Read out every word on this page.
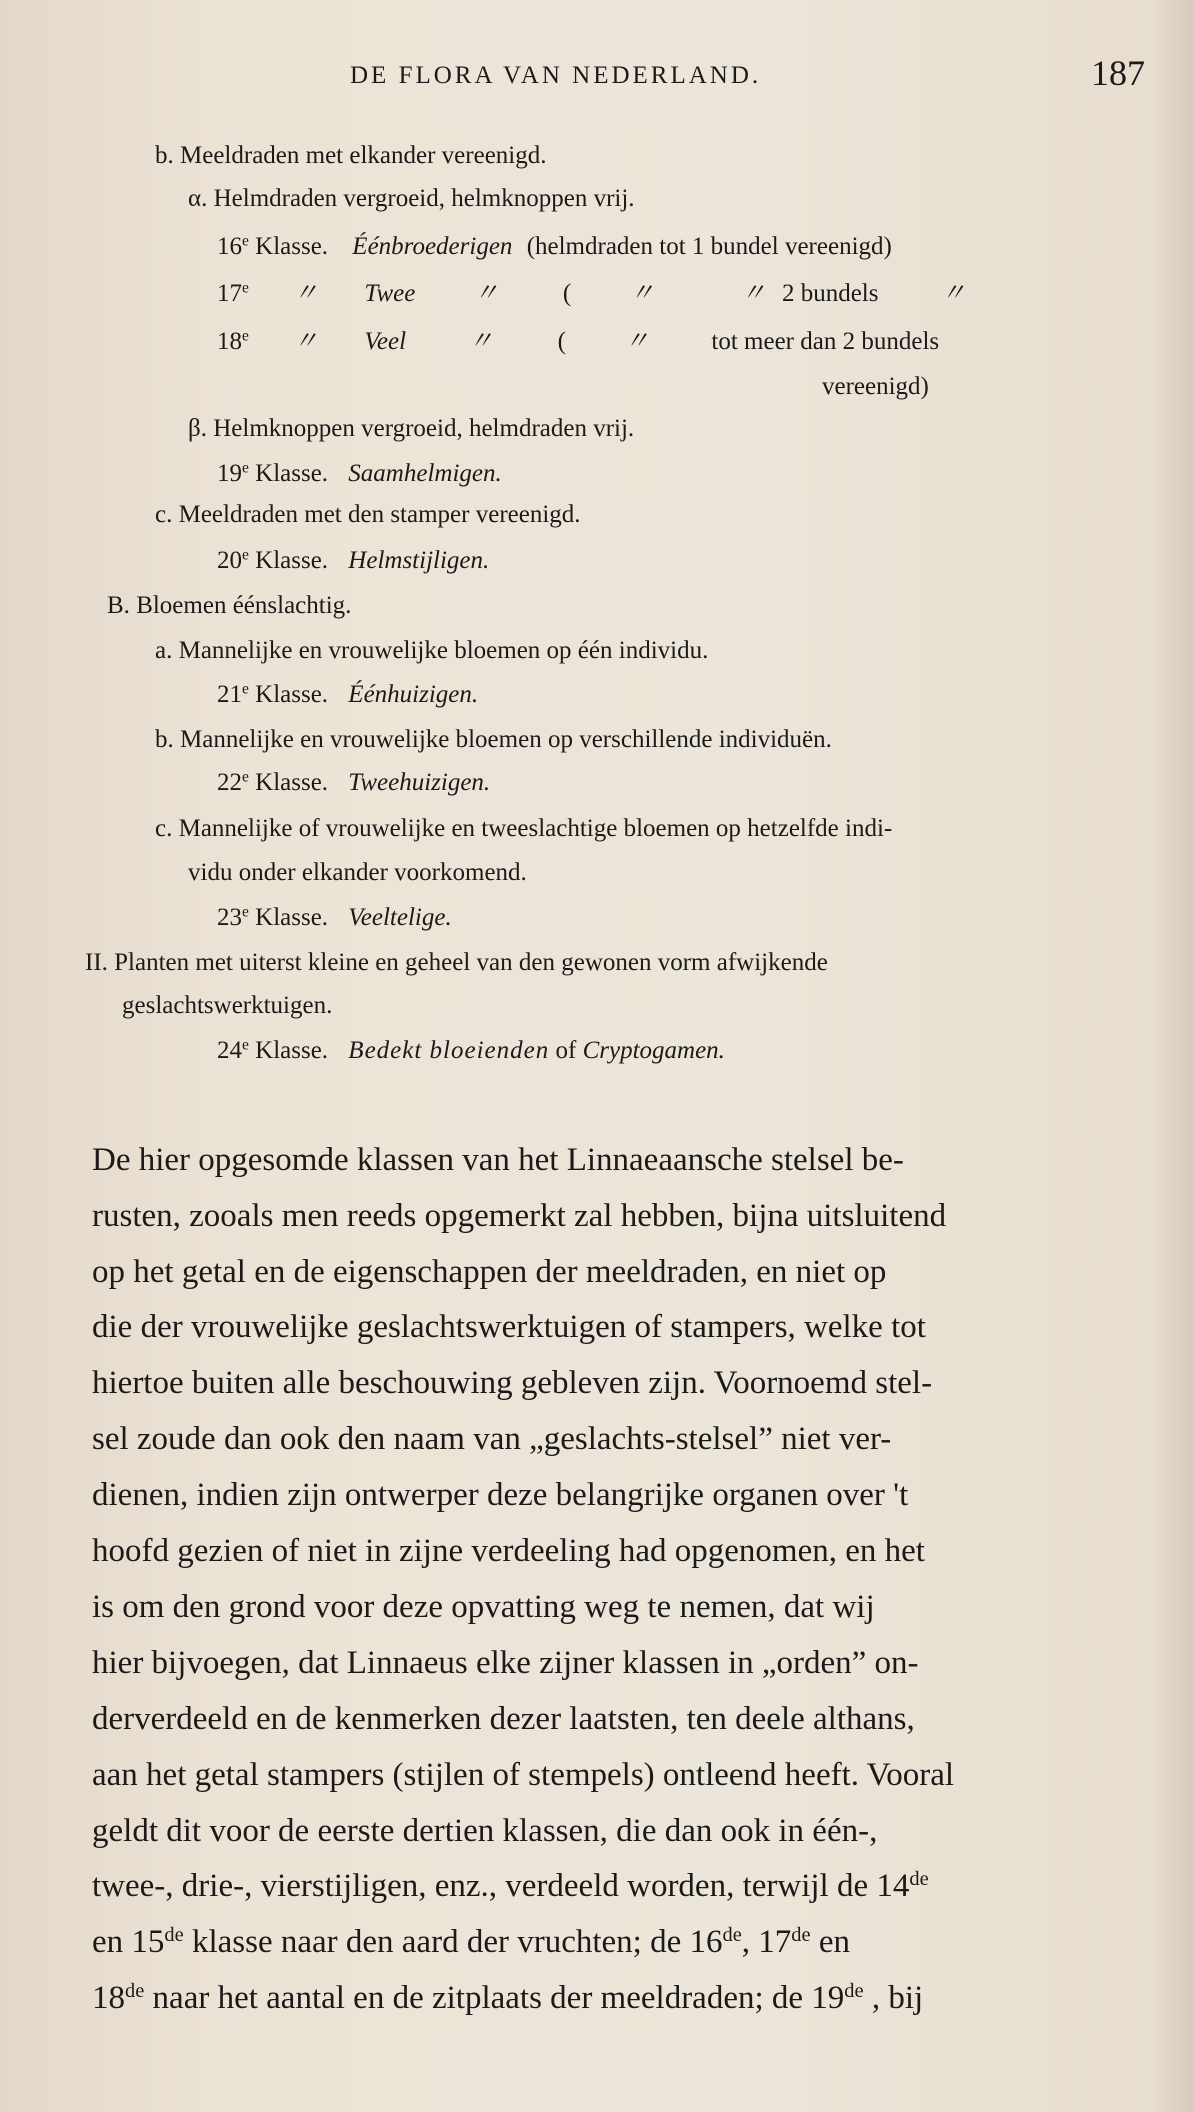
DE FLORA VAN NEDERLAND.	187
b. Meeldraden met elkander vereenigd.
α. Helmdraden vergroeid, helmknoppen vrij.
16e Klasse. Éénbroederigen (helmdraden tot 1 bundel vereenigd)
17e 〃 Twee 〃	( 〃	〃 2 bundels 〃
18e 〃 Veel 〃	( 〃 tot meer dan 2 bundels
vereenigd)
β. Helmknoppen vergroeid, helmdraden vrij.
19e Klasse. Saamhelmigen.
c. Meeldraden met den stamper vereenigd.
20e Klasse. Helmstijligen.
B. Bloemen éénslachtig.
a. Mannelijke en vrouwelijke bloemen op één individu.
21e Klasse. Éénhuizigen.
b. Mannelijke en vrouwelijke bloemen op verschillende individuën.
22e Klasse. Tweehuizigen.
c. Mannelijke of vrouwelijke en tweeslachtige bloemen op hetzelfde indi-
vidu onder elkander voorkomend.
23e Klasse. Veeltelige.
II. Planten met uiterst kleine en geheel van den gewonen vorm afwijkende
geslachtswerktuigen.
24e Klasse. Bedekt bloeienden of Cryptogamen.
De hier opgesomde klassen van het Linnaeaansche stelsel be-
rusten, zooals men reeds opgemerkt zal hebben, bijna uitsluitend
op het getal en de eigenschappen der meeldraden, en niet op
die der vrouwelijke geslachtswerktuigen of stampers, welke tot
hiertoe buiten alle beschouwing gebleven zijn. Voornoemd stel-
sel zoude dan ook den naam van „geslachts-stelsel” niet ver-
dienen, indien zijn ontwerper deze belangrijke organen over 't
hoofd gezien of niet in zijne verdeeling had opgenomen, en het
is om den grond voor deze opvatting weg te nemen, dat wij
hier bijvoegen, dat Linnaeus elke zijner klassen in „orden” on-
derverdeeld en de kenmerken dezer laatsten, ten deele althans,
aan het getal stampers (stijlen of stempels) ontleend heeft. Vooral
geldt dit voor de eerste dertien klassen, die dan ook in één-,
twee-, drie-, vierstijligen, enz., verdeeld worden, terwijl de 14de
en 15de klasse naar den aard der vruchten; de 16de, 17de en
18de naar het aantal en de zitplaats der meeldraden; de 19de , bij
